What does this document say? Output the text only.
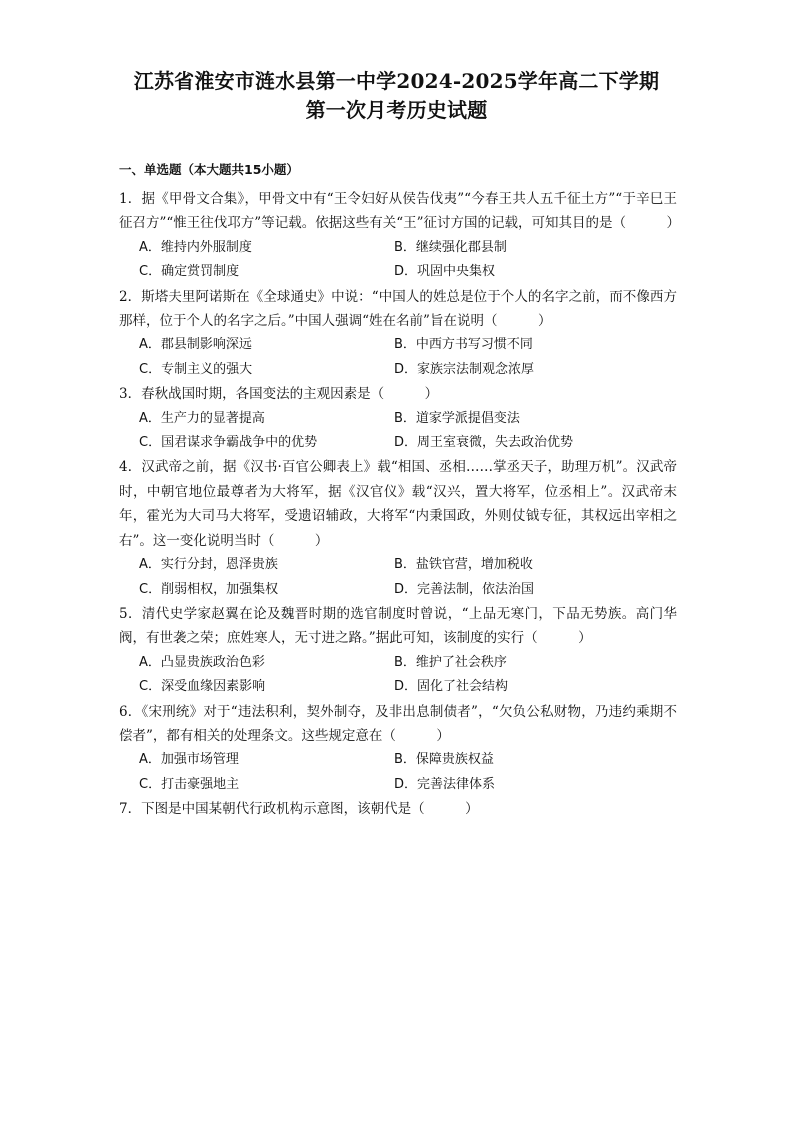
江苏省淮安市涟水县第一中学2024-2025学年高二下学期
第一次月考历史试题
一、单选题（本大题共15小题）

1．据《甲骨文合集》，甲骨文中有“王令妇好从侯告伐夷”“今春王共人五千征土方”“于辛巳王征召方”“惟王往伐邛方”等记载。依据这些有关“王”征讨方国的记载，可知其目的是（　　　）

A．维持内外服制度	B．继续强化郡县制
C．确定赏罚制度	D．巩固中央集权

2．斯塔夫里阿诺斯在《全球通史》中说：“中国人的姓总是位于个人的名字之前，而不像西方那样，位于个人的名字之后。”中国人强调“姓在名前”旨在说明（　　　）

A．郡县制影响深远	B．中西方书写习惯不同
C．专制主义的强大	D．家族宗法制观念浓厚

3．春秋战国时期，各国变法的主观因素是（　　　）

A．生产力的显著提高	B．道家学派提倡变法
C．国君谋求争霸战争中的优势	D．周王室衰微，失去政治优势

4．汉武帝之前，据《汉书·百官公卿表上》载“相国、丞相……掌丞天子，助理万机”。汉武帝时，中朝官地位最尊者为大将军，据《汉官仪》载“汉兴，置大将军，位丞相上”。汉武帝末年，霍光为大司马大将军，受遗诏辅政，大将军“内秉国政，外则仗钺专征，其权远出宰相之右”。这一变化说明当时（　　　）

A．实行分封，恩泽贵族	B．盐铁官营，增加税收
C．削弱相权，加强集权	D．完善法制，依法治国

5．清代史学家赵翼在论及魏晋时期的选官制度时曾说，“上品无寒门，下品无势族。高门华阀，有世袭之荣；庶姓寒人，无寸进之路。”据此可知，该制度的实行（　　　）

A．凸显贵族政治色彩	B．维护了社会秩序
C．深受血缘因素影响	D．固化了社会结构

6．《宋刑统》对于“违法积利，契外制夺，及非出息制债者”，“欠负公私财物，乃违约乘期不偿者”，都有相关的处理条文。这些规定意在（　　　）

A．加强市场管理	B．保障贵族权益
C．打击豪强地主	D．完善法律体系

7．下图是中国某朝代行政机构示意图，该朝代是（　　　）
